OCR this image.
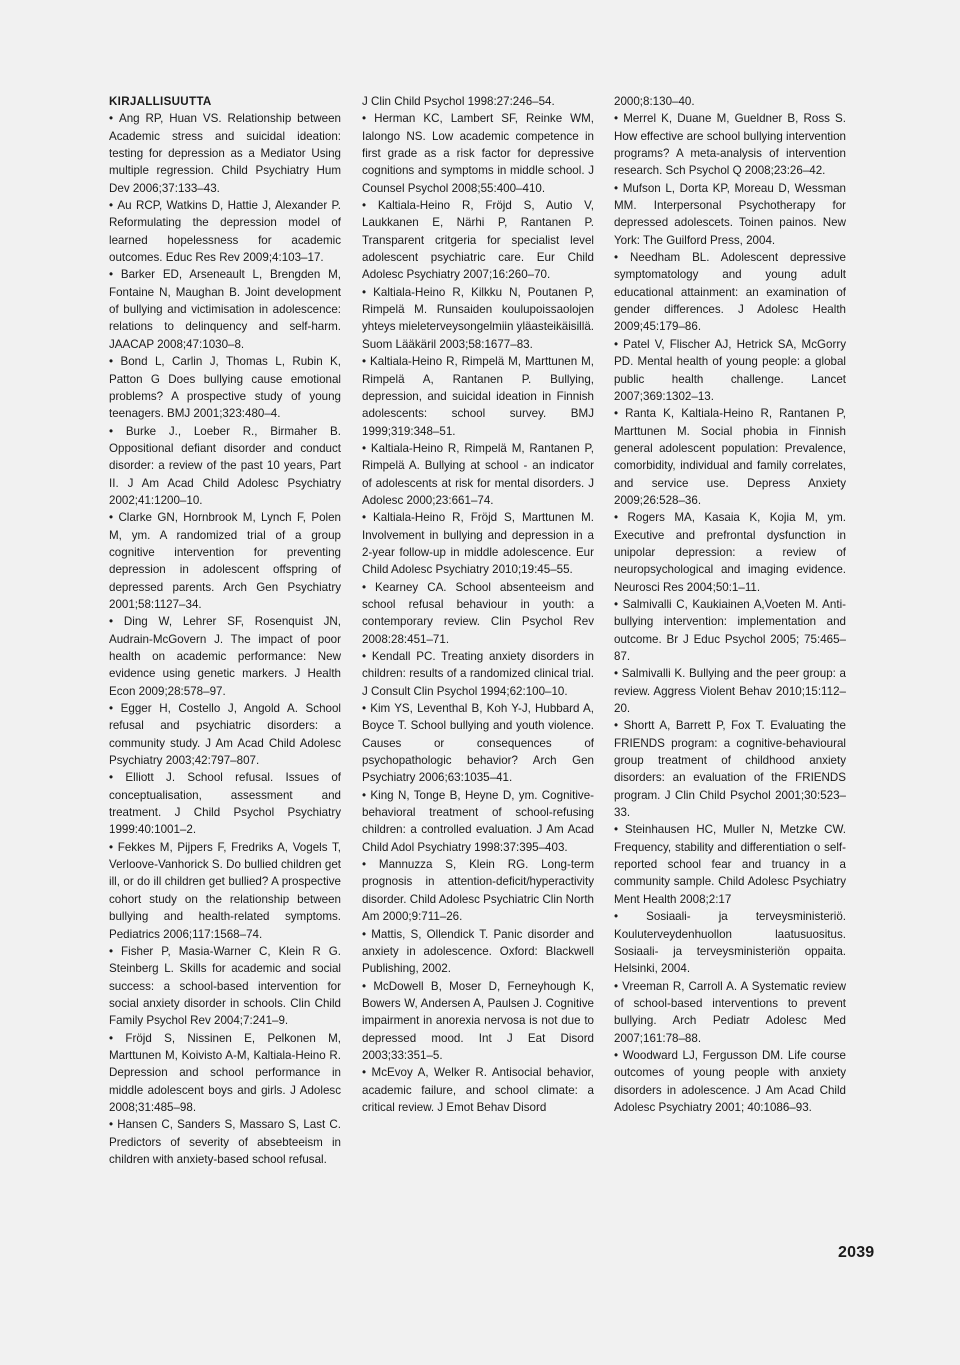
KIRJALLISUUTTA

• Ang RP, Huan VS. Relationship between Academic stress and suicidal ideation: testing for depression as a Mediator Using multiple regression. Child Psychiatry Hum Dev 2006;37:133–43.

• Au RCP, Watkins D, Hattie J, Alexander P. Reformulating the depression model of learned hopelessness for academic outcomes. Educ Res Rev 2009;4:103–17.

• Barker ED, Arseneault L, Brengden M, Fontaine N, Maughan B. Joint development of bullying and victimisation in adolescence: relations to delinquency and self-harm. JAACAP 2008;47:1030–8.

• Bond L, Carlin J, Thomas L, Rubin K, Patton G Does bullying cause emotional problems? A prospective study of young teenagers. BMJ 2001;323:480–4.

• Burke J., Loeber R., Birmaher B. Oppositional defiant disorder and conduct disorder: a review of the past 10 years, Part II. J Am Acad Child Adolesc Psychiatry 2002;41:1200–10.

• Clarke GN, Hornbrook M, Lynch F, Polen M, ym. A randomized trial of a group cognitive intervention for preventing depression in adolescent offspring of depressed parents. Arch Gen Psychiatry 2001;58:1127–34.

• Ding W, Lehrer SF, Rosenquist JN, Audrain-McGovern J. The impact of poor health on academic performance: New evidence using genetic markers. J Health Econ 2009;28:578–97.

• Egger H, Costello J, Angold A. School refusal and psychiatric disorders: a community study. J Am Acad Child Adolesc Psychiatry 2003;42:797–807.

• Elliott J. School refusal. Issues of conceptualisation, assessment and treatment. J Child Psychol Psychiatry 1999:40:1001–2.

• Fekkes M, Pijpers F, Fredriks A, Vogels T, Verloove-Vanhorick S. Do bullied children get ill, or do ill children get bullied? A prospective cohort study on the relationship between bullying and health-related symptoms. Pediatrics 2006;117:1568–74.

• Fisher P, Masia-Warner C, Klein R G. Steinberg L. Skills for academic and social success: a school-based intervention for social anxiety disorder in schools. Clin Child Family Psychol Rev 2004;7:241–9.

• Fröjd S, Nissinen E, Pelkonen M, Marttunen M, Koivisto A-M, Kaltiala-Heino R. Depression and school performance in middle adolescent boys and girls. J Adolesc 2008;31:485–98.

• Hansen C, Sanders S, Massaro S, Last C. Predictors of severity of absebteeism in children with anxiety-based school refusal.

J Clin Child Psychol 1998:27:246–54.

• Herman KC, Lambert SF, Reinke WM, Ialongo NS. Low academic competence in first grade as a risk factor for depressive cognitions and symptoms in middle school. J Counsel Psychol 2008;55:400–410.

• Kaltiala-Heino R, Fröjd S, Autio V, Laukkanen E, Närhi P, Rantanen P. Transparent critgeria for specialist level adolescent psychiatric care. Eur Child Adolesc Psychiatry 2007;16:260–70.

• Kaltiala-Heino R, Kilkku N, Poutanen P, Rimpelä M. Runsaiden koulupoissaolojen yhteys mieleterveysongelmiin yläasteikäisillä. Suom Lääkäril 2003;58:1677–83.

• Kaltiala-Heino R, Rimpelä M, Marttunen M, Rimpelä A, Rantanen P. Bullying, depression, and suicidal ideation in Finnish adolescents: school survey. BMJ 1999;319:348–51.

• Kaltiala-Heino R, Rimpelä M, Rantanen P, Rimpelä A. Bullying at school - an indicator of adolescents at risk for mental disorders. J Adolesc 2000;23:661–74.

• Kaltiala-Heino R, Fröjd S, Marttunen M. Involvement in bullying and depression in a 2-year follow-up in middle adolescence. Eur Child Adolesc Psychiatry 2010;19:45–55.

• Kearney CA. School absenteeism and school refusal behaviour in youth: a contemporary review. Clin Psychol Rev 2008:28:451–71.

• Kendall PC. Treating anxiety disorders in children: results of a randomized clinical trial. J Consult Clin Psychol 1994;62:100–10.

• Kim YS, Leventhal B, Koh Y-J, Hubbard A, Boyce T. School bullying and youth violence. Causes or consequences of psychopathologic behavior? Arch Gen Psychiatry 2006;63:1035–41.

• King N, Tonge B, Heyne D, ym. Cognitive-behavioral treatment of school-refusing children: a controlled evaluation. J Am Acad Child Adol Psychiatry 1998:37:395–403.

• Mannuzza S, Klein RG. Long-term prognosis in attention-deficit/hyperactivity disorder. Child Adolesc Psychiatric Clin North Am 2000;9:711–26.

• Mattis, S, Ollendick T. Panic disorder and anxiety in adolescence. Oxford: Blackwell Publishing, 2002.

• McDowell B, Moser D, Ferneyhough K, Bowers W, Andersen A, Paulsen J. Cognitive impairment in anorexia nervosa is not due to depressed mood. Int J Eat Disord 2003;33:351–5.

• McEvoy A, Welker R. Antisocial behavior, academic failure, and school climate: a critical review. J Emot Behav Disord

2000;8:130–40.

• Merrel K, Duane M, Gueldner B, Ross S. How effective are school bullying intervention programs? A meta-analysis of intervention research. Sch Psychol Q 2008;23:26–42.

• Mufson L, Dorta KP, Moreau D, Wessman MM. Interpersonal Psychotherapy for depressed adolescets. Toinen painos. New York: The Guilford Press, 2004.

• Needham BL. Adolescent depressive symptomatology and young adult educational attainment: an examination of gender differences. J Adolesc Health 2009;45:179–86.

• Patel V, Flischer AJ, Hetrick SA, McGorry PD. Mental health of young people: a global public health challenge. Lancet 2007;369:1302–13.

• Ranta K, Kaltiala-Heino R, Rantanen P, Marttunen M. Social phobia in Finnish general adolescent population: Prevalence, comorbidity, individual and family correlates, and service use. Depress Anxiety 2009;26:528–36.

• Rogers MA, Kasaia K, Kojia M, ym. Executive and prefrontal dysfunction in unipolar depression: a review of neuropsychological and imaging evidence. Neurosci Res 2004;50:1–11.

• Salmivalli C, Kaukiainen A,Voeten M. Anti-bullying intervention: implementation and outcome. Br J Educ Psychol 2005; 75:465–87.

• Salmivalli K. Bullying and the peer group: a review. Aggress Violent Behav 2010;15:112–20.

• Shortt A, Barrett P, Fox T. Evaluating the FRIENDS program: a cognitive-behavioural group treatment of childhood anxiety disorders: an evaluation of the FRIENDS program. J Clin Child Psychol 2001;30:523–33.

• Steinhausen HC, Muller N, Metzke CW. Frequency, stability and differentiation o self-reported school fear and truancy in a community sample. Child Adolesc Psychiatry Ment Health 2008;2:17

• Sosiaali- ja terveysministeriö. Kouluterveydenhuollon laatusuositus. Sosiaali- ja terveysministeriön oppaita. Helsinki, 2004.

• Vreeman R, Carroll A. A Systematic review of school-based interventions to prevent bullying. Arch Pediatr Adolesc Med 2007;161:78–88.

• Woodward LJ, Fergusson DM. Life course outcomes of young people with anxiety disorders in adolescence. J Am Acad Child Adolesc Psychiatry 2001; 40:1086–93.

2039
